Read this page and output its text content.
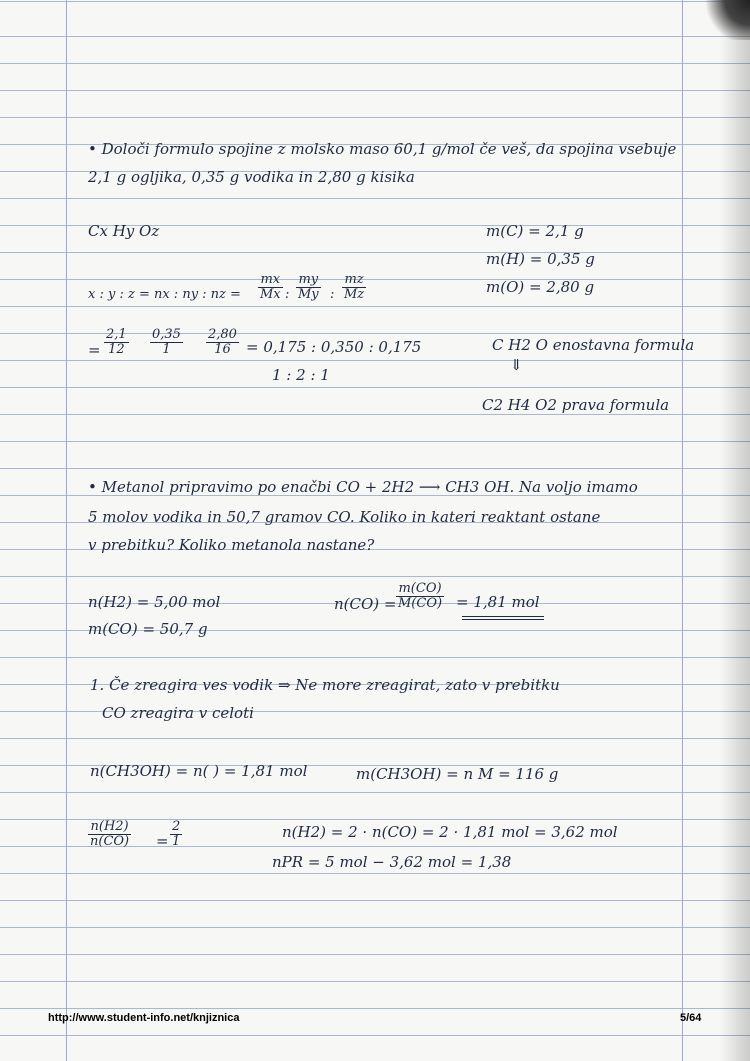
• Določi formulo spojine z molsko maso 60,1 g/mol če veš, da spojina vsebuje
2,1 g ogljika, 0,35 g vodika in 2,80 g kisika
Cx Hy Oz	m(C) = 2,1 g
m(H) = 0,35 g
m(O) = 2,80 g
x : y : z = nx : ny : nz = $\frac{mx}{Mx}$ : $\frac{my}{My}$ : $\frac{mz}{Mz}$
= $\frac{2,1}{12} \frac{0,35}{1} \frac{2,80}{16} = 0,175$ : 0,350 : 0,175
1 : 2 : 1
C H2 O enostavna formula
⇓
C2 H4 O2 prava formula
• Metanol pripravimo po enačbi CO + 2H2 ⟶ CH3 OH. Na voljo imamo
5 molov vodika in 50,7 gramov CO. Koliko in kateri reaktant ostane
v prebitku? Koliko metanola nastane?
n(H2) = 5,00 mol
m(CO) = 50,7 g
$n(CO) = \frac{m(CO)}{M(CO)} = 1,81$ mol
1. Če zreagira ves vodik ⇒ Ne more zreagirat, zato v prebitku
CO zreagira v celoti
n(CH3OH) = n( ) = 1,81 mol	m(CH3OH) = n M = 116 g
$\frac{n(H2)}{n(CO)} = \frac{2}{1}$	n(H2) = 2 · n(CO) = 2 · 1,81 mol = 3,62 mol
nPR = 5 mol − 3,62 mol = 1,38
http://www.student-info.net/knjiznica	5/64
